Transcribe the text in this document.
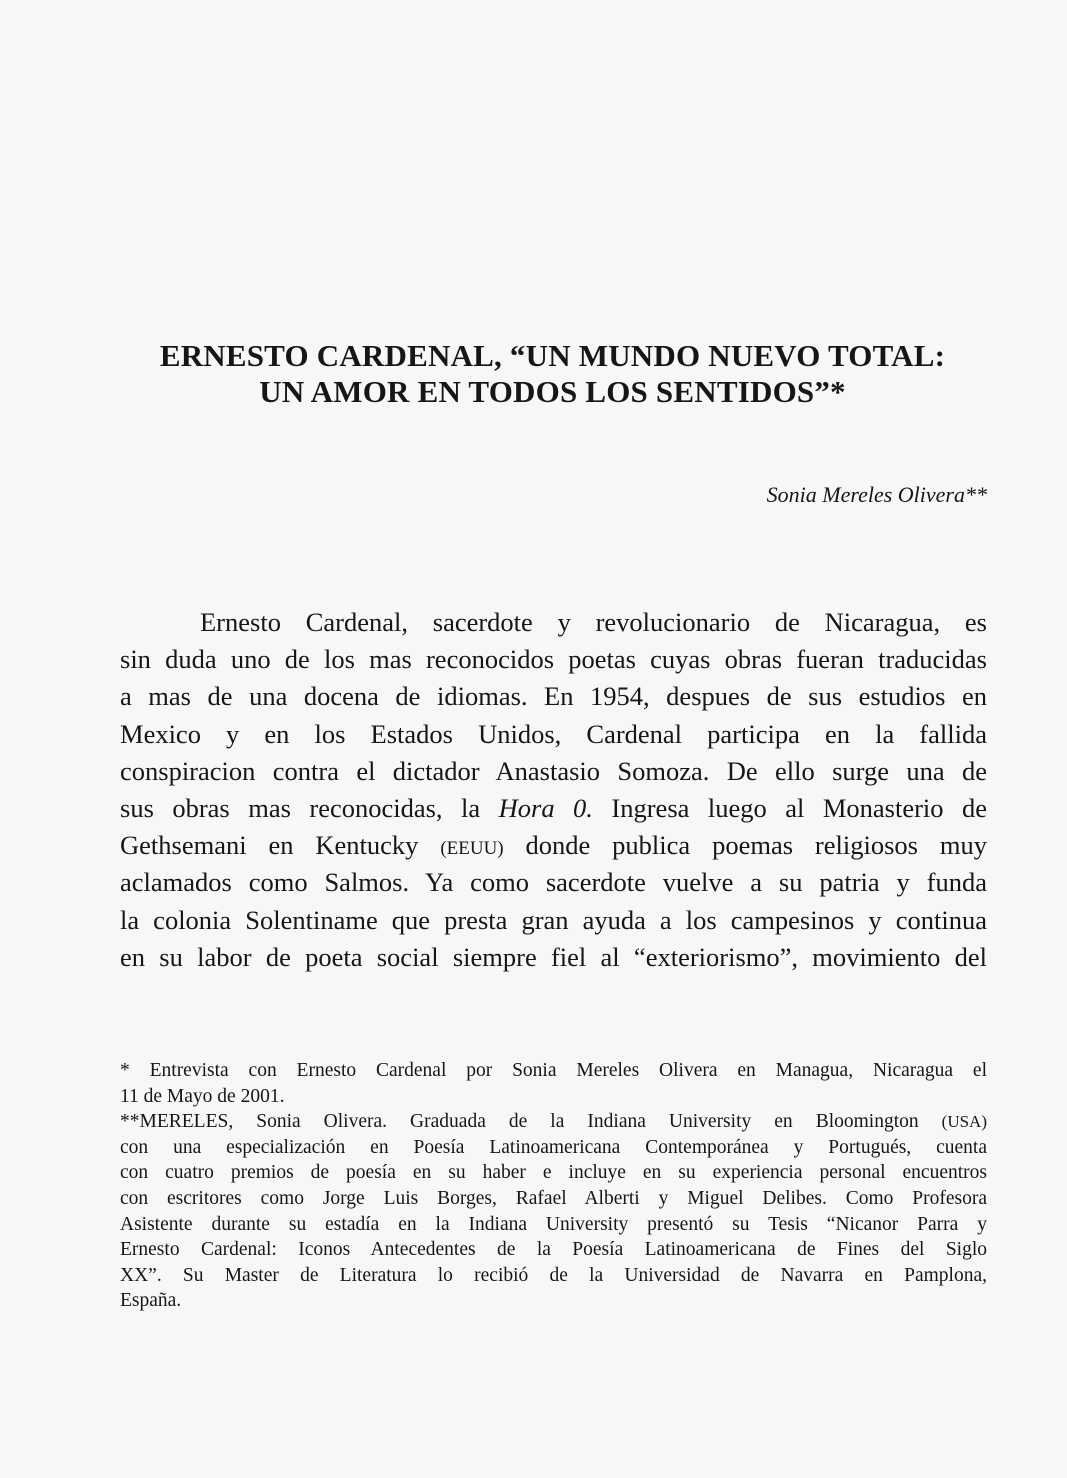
ERNESTO CARDENAL, “UN MUNDO NUEVO TOTAL:
UN AMOR EN TODOS LOS SENTIDOS”*
Sonia Mereles Olivera**
Ernesto Cardenal, sacerdote y revolucionario de Nicaragua, es
sin duda uno de los mas reconocidos poetas cuyas obras fueran traducidas
a mas de una docena de idiomas. En 1954, despues de sus estudios en
Mexico y en los Estados Unidos, Cardenal participa en la fallida
conspiracion contra el dictador Anastasio Somoza. De ello surge una de
sus obras mas reconocidas, la Hora 0. Ingresa luego al Monasterio de
Gethsemani en Kentucky (EEUU) donde publica poemas religiosos muy
aclamados como Salmos. Ya como sacerdote vuelve a su patria y funda
la colonia Solentiname que presta gran ayuda a los campesinos y continua
en su labor de poeta social siempre fiel al “exteriorismo”, movimiento del
* Entrevista con Ernesto Cardenal por Sonia Mereles Olivera en Managua, Nicaragua el
11 de Mayo de 2001.
**MERELES, Sonia Olivera. Graduada de la Indiana University en Bloomington (USA)
con una especialización en Poesía Latinoamericana Contemporánea y Portugués, cuenta
con cuatro premios de poesía en su haber e incluye en su experiencia personal encuentros
con escritores como Jorge Luis Borges, Rafael Alberti y Miguel Delibes. Como Profesora
Asistente durante su estadía en la Indiana University presentó su Tesis “Nicanor Parra y
Ernesto Cardenal: Iconos Antecedentes de la Poesía Latinoamericana de Fines del Siglo
XX”. Su Master de Literatura lo recibió de la Universidad de Navarra en Pamplona,
España.
